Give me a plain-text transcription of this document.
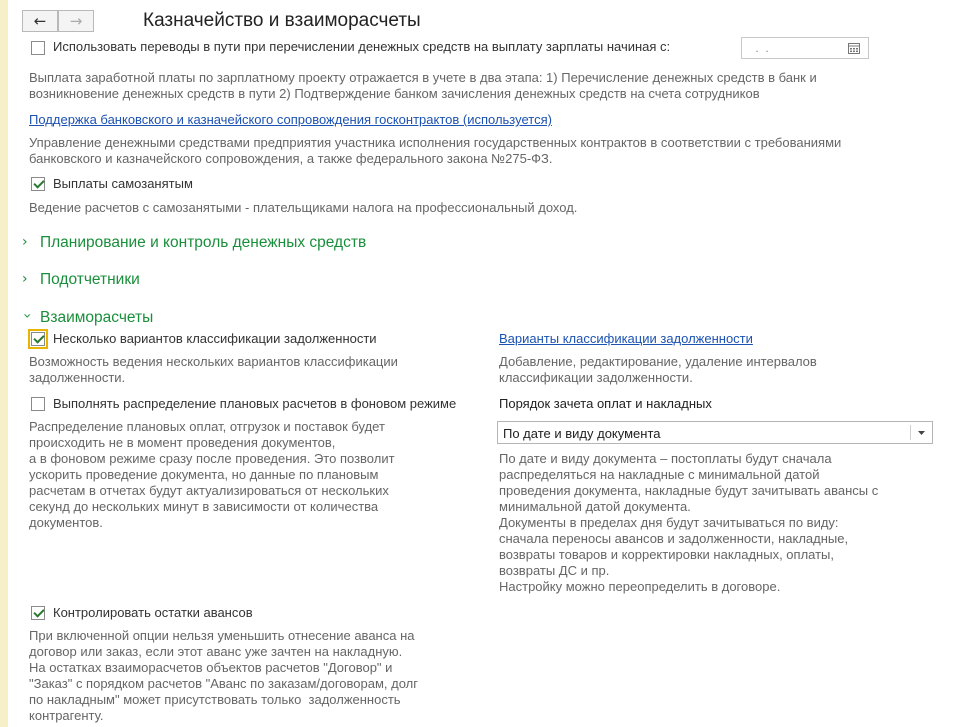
←	→	Казначейство и взаиморасчеты
Использовать переводы в пути при перечислении денежных средств на выплату зарплаты начиная с:	.  .
Выплата заработной платы по зарплатному проекту отражается в учете в два этапа: 1) Перечисление денежных средств в банк и
возникновение денежных средств в пути 2) Подтверждение банком зачисления денежных средств на счета сотрудников
Поддержка банковского и казначейского сопровождения госконтрактов (используется)
Управление денежными средствами предприятия участника исполнения государственных контрактов в соответствии с требованиями
банковского и казначейского сопровождения, а также федерального закона №275-ФЗ.
Выплаты самозанятым
Ведение расчетов с самозанятыми - плательщиками налога на профессиональный доход.
› Планирование и контроль денежных средств
› Подотчетники
› Взаиморасчеты
Несколько вариантов классификации задолженности
Возможность ведения нескольких вариантов классификации
задолженности.
Варианты классификации задолженности
Добавление, редактирование, удаление интервалов
классификации задолженности.
Выполнять распределение плановых расчетов в фоновом режиме
Распределение плановых оплат, отгрузок и поставок будет
происходить не в момент проведения документов,
а в фоновом режиме сразу после проведения. Это позволит
ускорить проведение документа, но данные по плановым
расчетам в отчетах будут актуализироваться от нескольких
секунд до нескольких минут в зависимости от количества
документов.
Порядок зачета оплат и накладных
По дате и виду документа
По дате и виду документа – постоплаты будут сначала
распределяться на накладные с минимальной датой
проведения документа, накладные будут зачитывать авансы с
минимальной датой документа.
Документы в пределах дня будут зачитываться по виду:
сначала переносы авансов и задолженности, накладные,
возвраты товаров и корректировки накладных, оплаты,
возвраты ДС и пр.
Настройку можно переопределить в договоре.
Контролировать остатки авансов
При включенной опции нельзя уменьшить отнесение аванса на
договор или заказ, если этот аванс уже зачтен на накладную.
На остатках взаиморасчетов объектов расчетов "Договор" и
"Заказ" с порядком расчетов "Аванс по заказам/договорам, долг
по накладным" может присутствовать только  задолженность
контрагенту.
